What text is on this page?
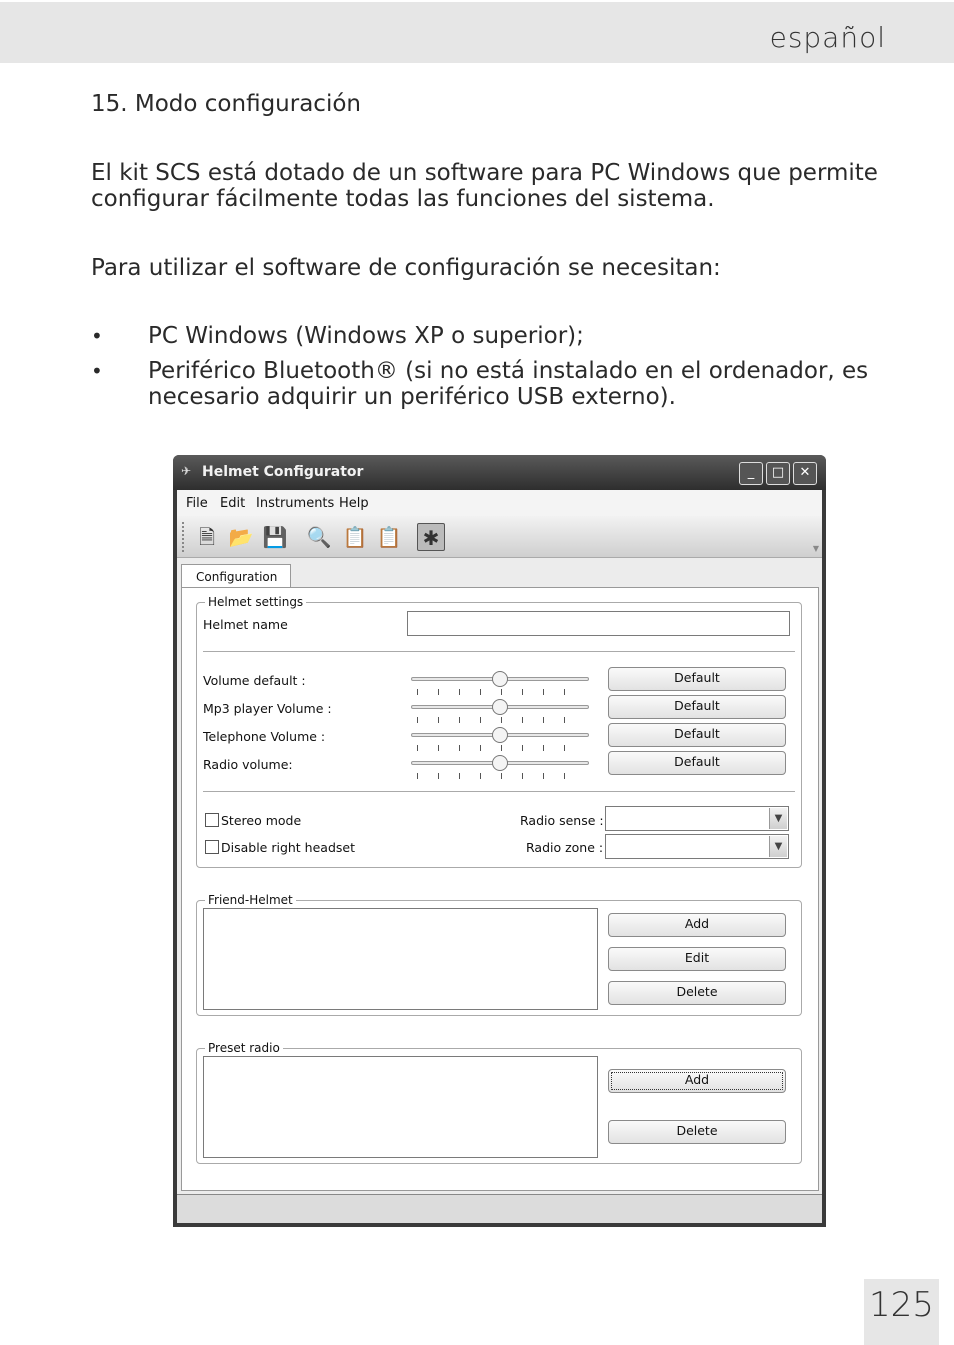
español
15. Modo configuración
El kit SCS está dotado de un software para PC Windows que permite configurar fácilmente todas las funciones del sistema.
Para utilizar el software de configuración se necesitan:
• PC Windows (Windows XP o superior);
• Periférico Bluetooth® (si no está instalado en el ordenador, es necesario adquirir un periférico USB externo).
✈ Helmet Configurator	_	□	✕
File Edit Instruments Help
🗎 📂 💾 🔍 📋 📋 ✱	▼
Configuration
Helmet settings
Helmet name
Volume default :	Default
Mp3 player Volume :	Default
Telephone Volume :	Default
Radio volume:	Default
Stereo mode
Disable right headset
Radio sense :	▼
Radio zone :	▼
Friend-Helmet
Add
Edit
Delete
Preset radio
Add
Delete
125
